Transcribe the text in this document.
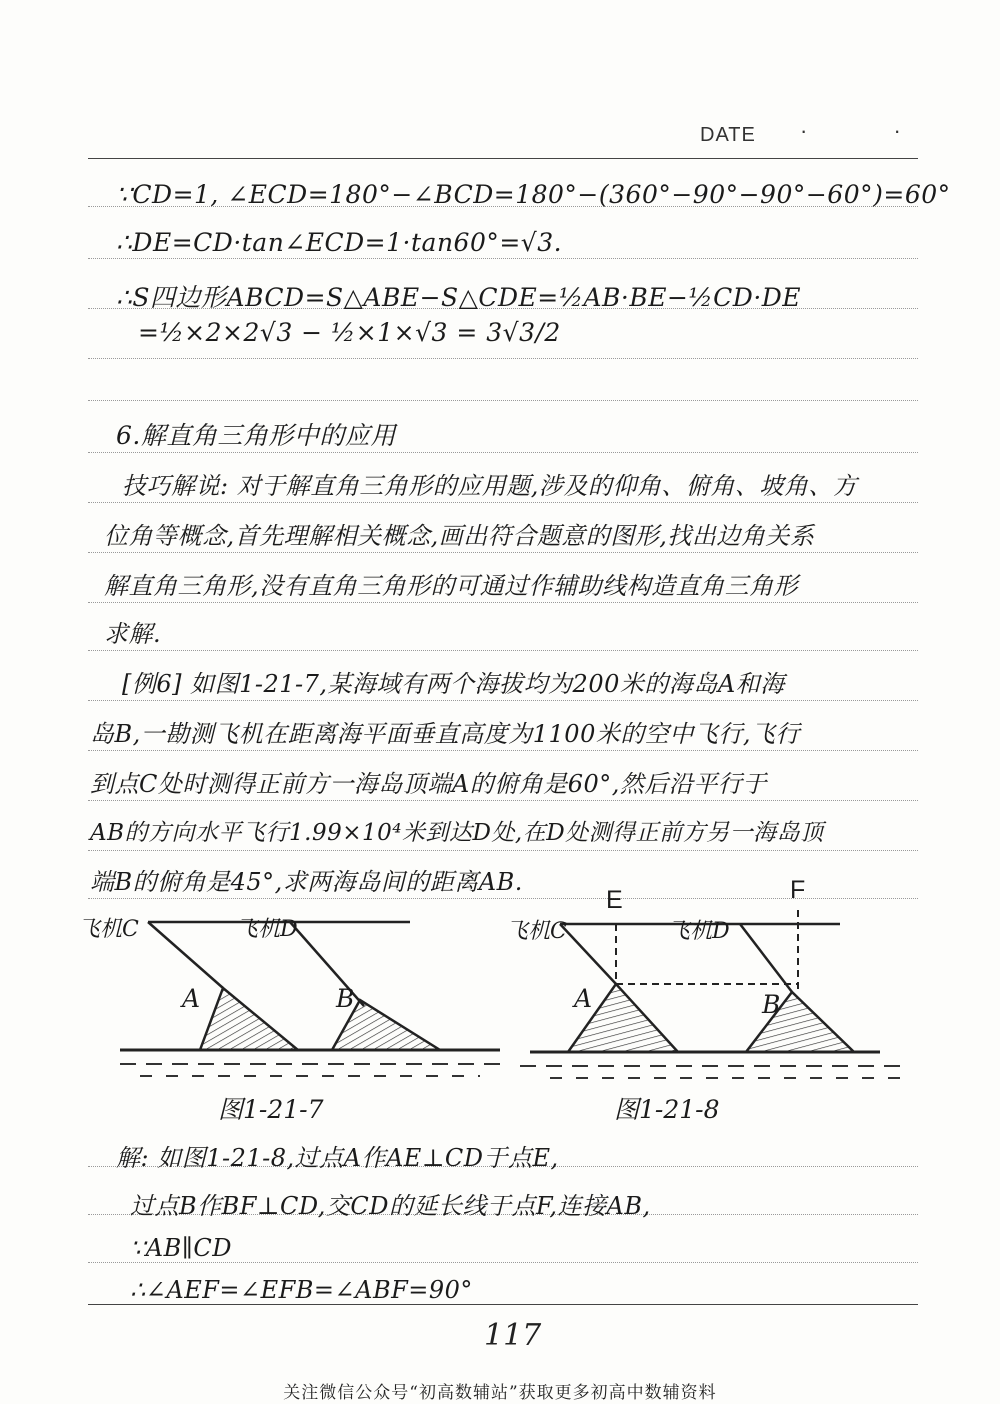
DATE · ·
∵CD=1, ∠ECD=180°−∠BCD=180°−(360°−90°−90°−60°)=60°
∴DE=CD·tan∠ECD=1·tan60°=√3.
∴S四边形ABCD=S△ABE−S△CDE=½AB·BE−½CD·DE
=½×2×2√3 − ½×1×√3 = 3√3/2
6.解直角三角形中的应用
技巧解说: 对于解直角三角形的应用题,涉及的仰角、俯角、坡角、方
位角等概念,首先理解相关概念,画出符合题意的图形,找出边角关系
解直角三角形,没有直角三角形的可通过作辅助线构造直角三角形
求解.
[例6] 如图1-21-7,某海域有两个海拔均为200米的海岛A和海
岛B,一勘测飞机在距离海平面垂直高度为1100米的空中飞行,飞行
到点C处时测得正前方一海岛顶端A的俯角是60°,然后沿平行于
AB的方向水平飞行1.99×10⁴米到达D处,在D处测得正前方另一海岛顶
端B的俯角是45°,求两海岛间的距离AB.
飞机C	飞机D
A	B
图1-21-7
飞机C	飞机D
E	F
A	B
图1-21-8
解: 如图1-21-8,过点A作AE⊥CD于点E,
过点B作BF⊥CD,交CD的延长线于点F,连接AB,
∵AB∥CD
∴∠AEF=∠EFB=∠ABF=90°
117
关注微信公众号“初高数辅站”获取更多初高中数辅资料
